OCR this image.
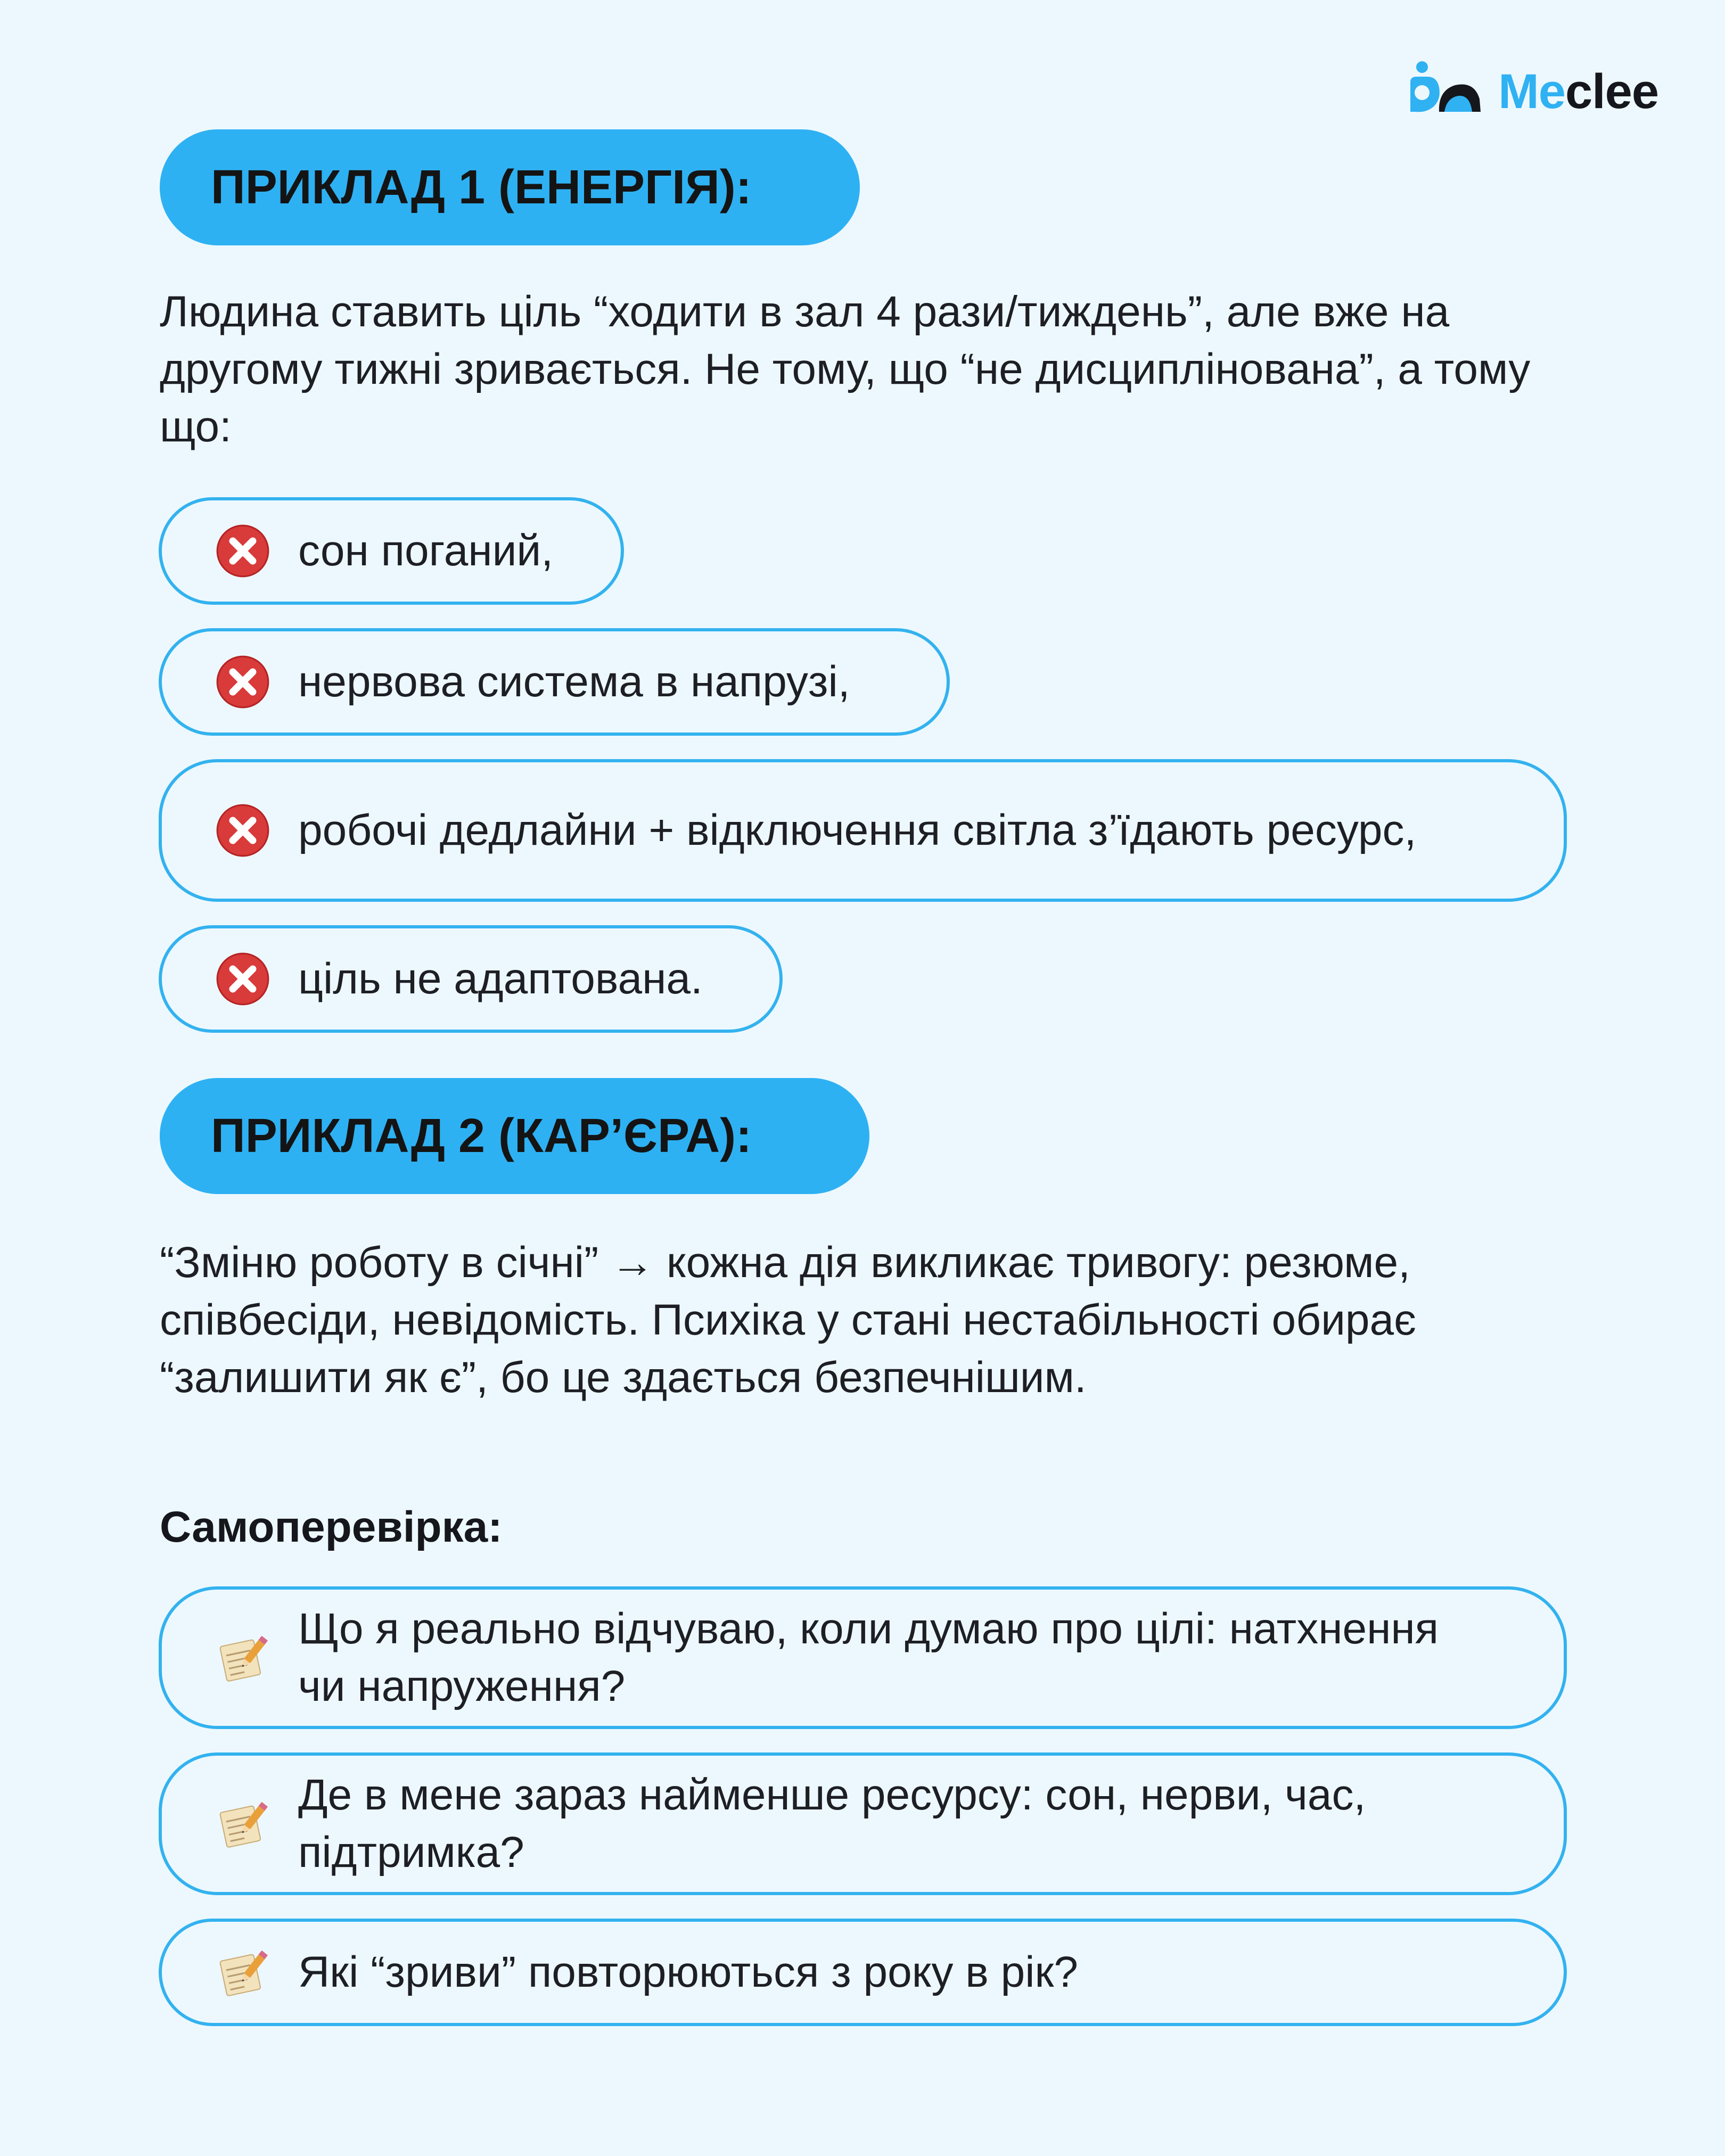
Meclee
ПРИКЛАД 1 (ЕНЕРГІЯ):

Людина ставить ціль “ходити в зал 4 рази/тиждень”, але вже на другому тижні зривається. Не тому, що “не дисциплінована”, а тому що:

сон поганий,
нервова система в напрузі,
робочі дедлайни + відключення світла з’їдають ресурс,
ціль не адаптована.
ПРИКЛАД 2 (КАР’ЄРА):

“Зміню роботу в січні” → кожна дія викликає тривогу: резюме, співбесіди, невідомість. Психіка у стані нестабільності обирає “залишити як є”, бо це здається безпечнішим.

Самоперевірка:

Що я реально відчуваю, коли думаю про цілі: натхнення чи напруження?
Де в мене зараз найменше ресурсу: сон, нерви, час, підтримка?
Які “зриви” повторюються з року в рік?
